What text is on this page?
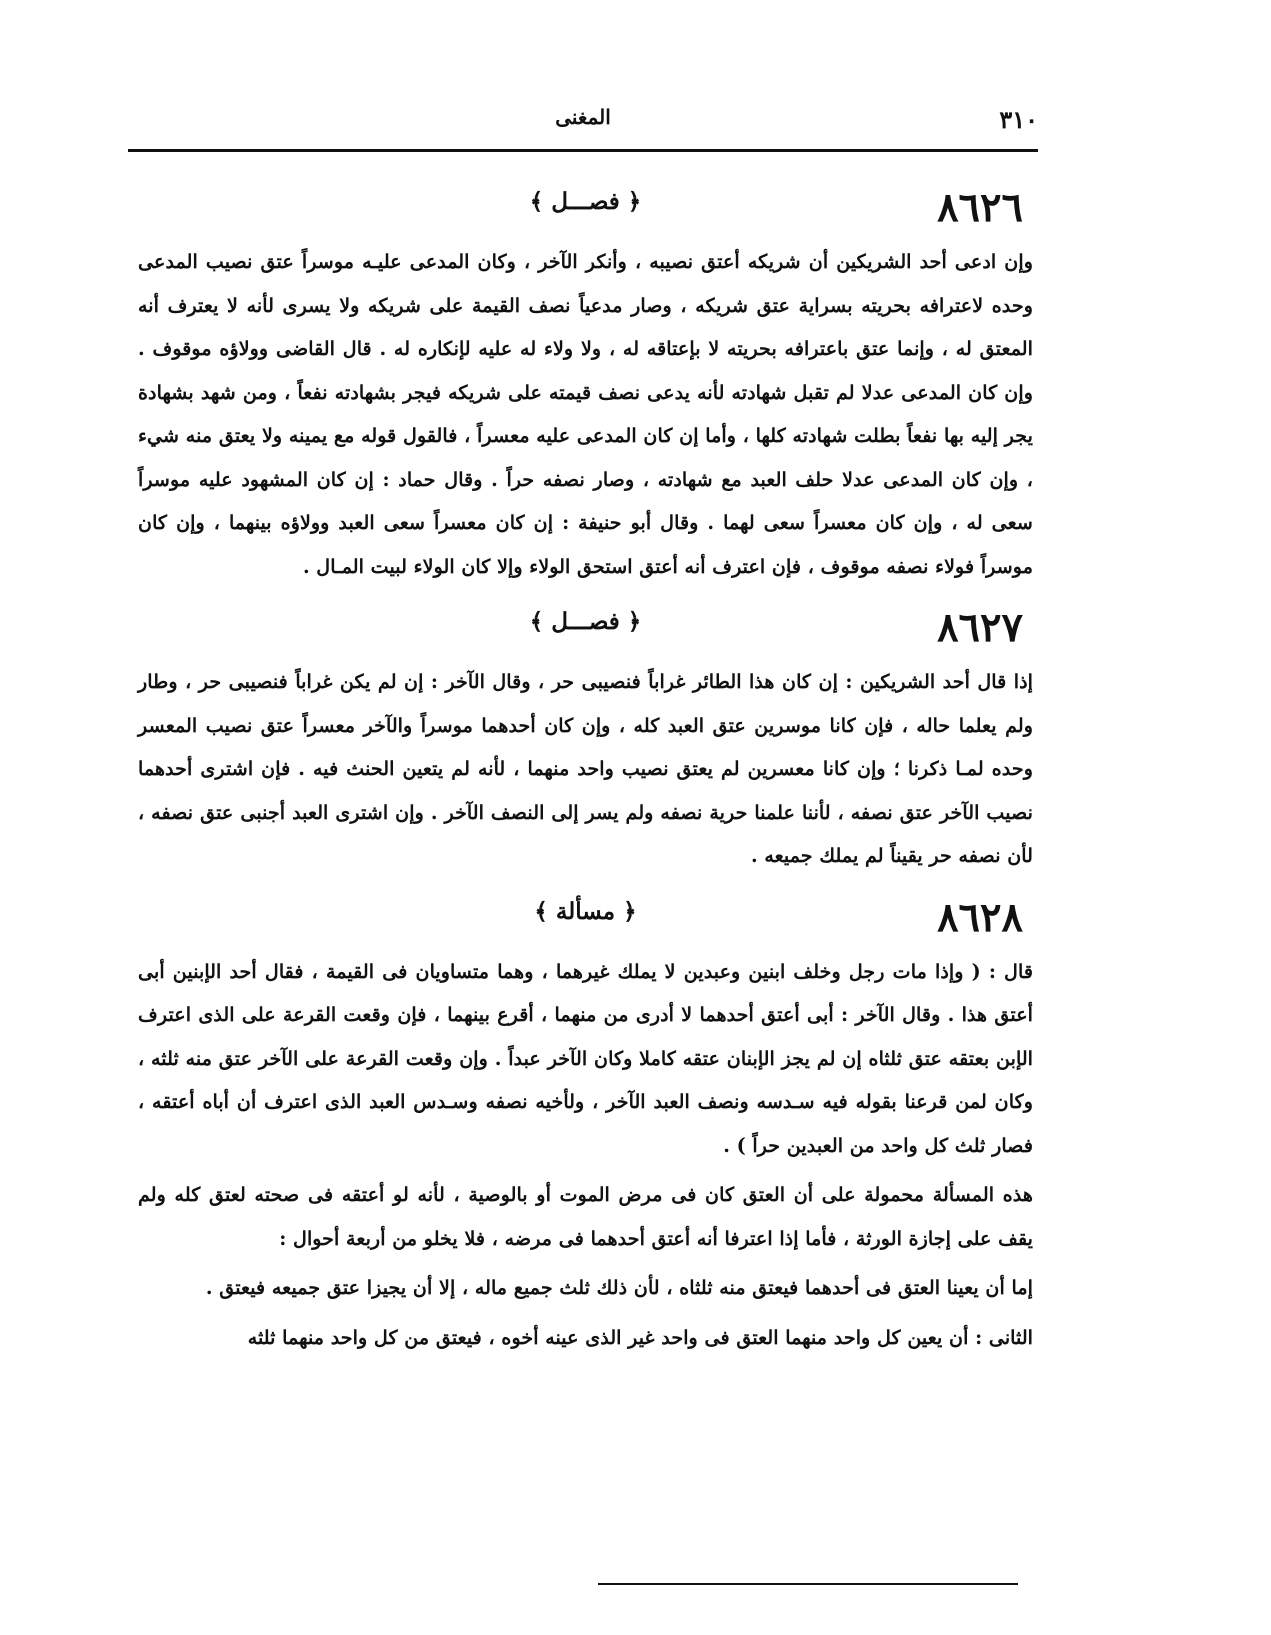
٣١٠
المغنى
٨٦٢٦
﴿ فصـــل ﴾

وإن ادعى أحد الشريكين أن شريكه أعتق نصيبه ، وأنكر الآخر ، وكان المدعى عليـه موسراً عتق نصيب المدعى وحده لاعترافه بحريته بسراية عتق شريكه ، وصار مدعياً نصف القيمة على شريكه ولا يسرى لأنه لا يعترف أنه المعتق له ، وإنما عتق باعترافه بحريته لا بإعتاقه له ، ولا ولاء له عليه لإنكاره له . قال القاضى وولاؤه موقوف . وإن كان المدعى عدلا لم تقبل شهادته لأنه يدعى نصف قيمته على شريكه فيجر بشهادته نفعاً ، ومن شهد بشهادة يجر إليه بها نفعاً بطلت شهادته كلها ، وأما إن كان المدعى عليه معسراً ، فالقول قوله مع يمينه ولا يعتق منه شيء ، وإن كان المدعى عدلا حلف العبد مع شهادته ، وصار نصفه حراً . وقال حماد : إن كان المشهود عليه موسراً سعى له ، وإن كان معسراً سعى لهما . وقال أبو حنيفة : إن كان معسراً سعى العبد وولاؤه بينهما ، وإن كان موسراً فولاء نصفه موقوف ، فإن اعترف أنه أعتق استحق الولاء وإلا كان الولاء لبيت المـال .

٨٦٢٧
﴿ فصـــل ﴾

إذا قال أحد الشريكين : إن كان هذا الطائر غراباً فنصيبى حر ، وقال الآخر : إن لم يكن غراباً فنصيبى حر ، وطار ولم يعلما حاله ، فإن كانا موسرين عتق العبد كله ، وإن كان أحدهما موسراً والآخر معسراً عتق نصيب المعسر وحده لمـا ذكرنا ؛ وإن كانا معسرين لم يعتق نصيب واحد منهما ، لأنه لم يتعين الحنث فيه . فإن اشترى أحدهما نصيب الآخر عتق نصفه ، لأننا علمنا حرية نصفه ولم يسر إلى النصف الآخر . وإن اشترى العبد أجنبى عتق نصفه ، لأن نصفه حر يقيناً لم يملك جميعه .

٨٦٢٨
﴿ مسألة ﴾

قال : ( وإذا مات رجل وخلف ابنين وعبدين لا يملك غيرهما ، وهما متساويان فى القيمة ، فقال أحد الإبنين أبى أعتق هذا . وقال الآخر : أبى أعتق أحدهما لا أدرى من منهما ، أقرع بينهما ، فإن وقعت القرعة على الذى اعترف الإبن بعتقه عتق ثلثاه إن لم يجز الإبنان عتقه كاملا وكان الآخر عبداً . وإن وقعت القرعة على الآخر عتق منه ثلثه ، وكان لمن قرعنا بقوله فيه سـدسه ونصف العبد الآخر ، ولأخيه نصفه وسـدس العبد الذى اعترف أن أباه أعتقه ، فصار ثلث كل واحد من العبدين حراً ) .

هذه المسألة محمولة على أن العتق كان فى مرض الموت أو بالوصية ، لأنه لو أعتقه فى صحته لعتق كله ولم يقف على إجازة الورثة ، فأما إذا اعترفا أنه أعتق أحدهما فى مرضه ، فلا يخلو من أربعة أحوال :

إما أن يعينا العتق فى أحدهما فيعتق منه ثلثاه ، لأن ذلك ثلث جميع ماله ، إلا أن يجيزا عتق جميعه فيعتق .

الثانى : أن يعين كل واحد منهما العتق فى واحد غير الذى عينه أخوه ، فيعتق من كل واحد منهما ثلثه
